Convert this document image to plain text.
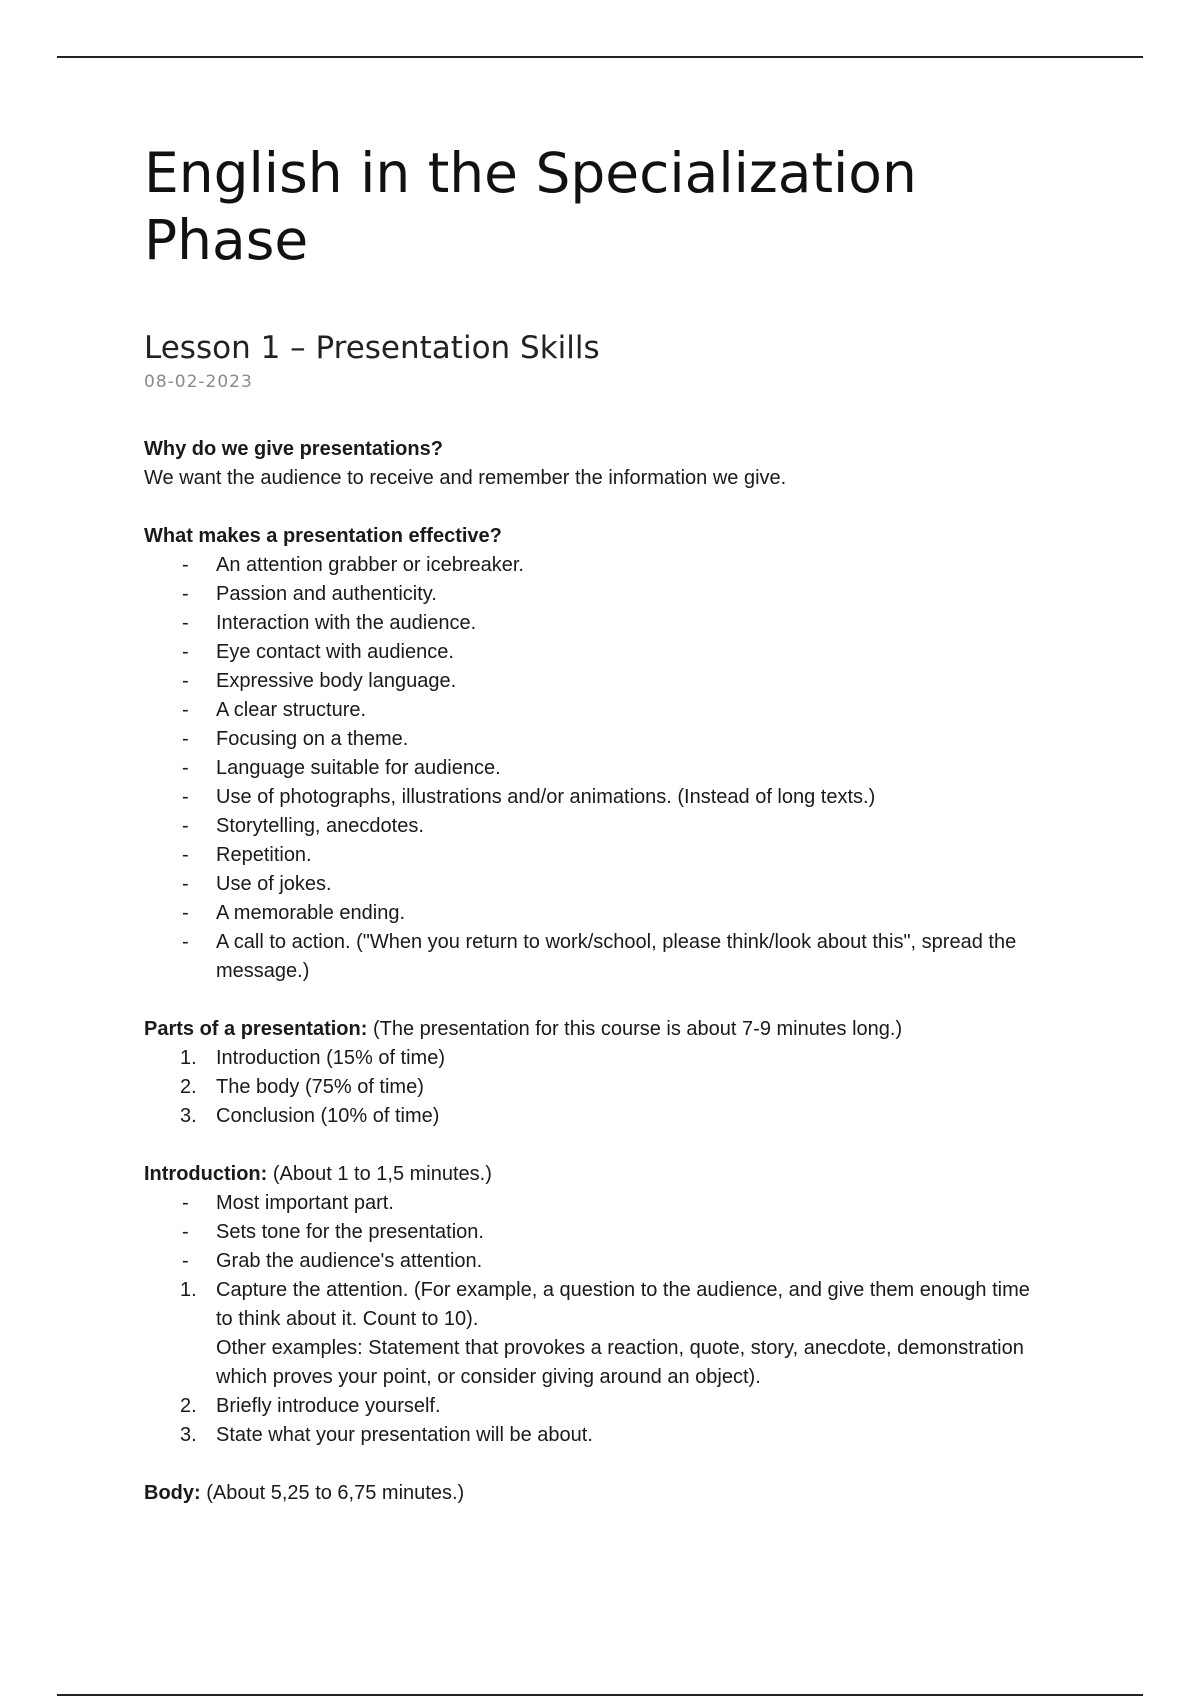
English in the Specialization Phase
Lesson 1 – Presentation Skills
08-02-2023

Why do we give presentations?

We want the audience to receive and remember the information we give.

What makes a presentation effective?

- An attention grabber or icebreaker.
- Passion and authenticity.
- Interaction with the audience.
- Eye contact with audience.
- Expressive body language.
- A clear structure.
- Focusing on a theme.
- Language suitable for audience.
- Use of photographs, illustrations and/or animations. (Instead of long texts.)
- Storytelling, anecdotes.
- Repetition.
- Use of jokes.
- A memorable ending.
- A call to action. ("When you return to work/school, please think/look about this", spread the message.)

Parts of a presentation: (The presentation for this course is about 7-9 minutes long.)

1. Introduction (15% of time)
2. The body (75% of time)
3. Conclusion (10% of time)

Introduction: (About 1 to 1,5 minutes.)

- Most important part.
- Sets tone for the presentation.
- Grab the audience's attention.
1. Capture the attention. (For example, a question to the audience, and give them enough time to think about it. Count to 10).
Other examples: Statement that provokes a reaction, quote, story, anecdote, demonstration which proves your point, or consider giving around an object).
2. Briefly introduce yourself.
3. State what your presentation will be about.

Body: (About 5,25 to 6,75 minutes.)
